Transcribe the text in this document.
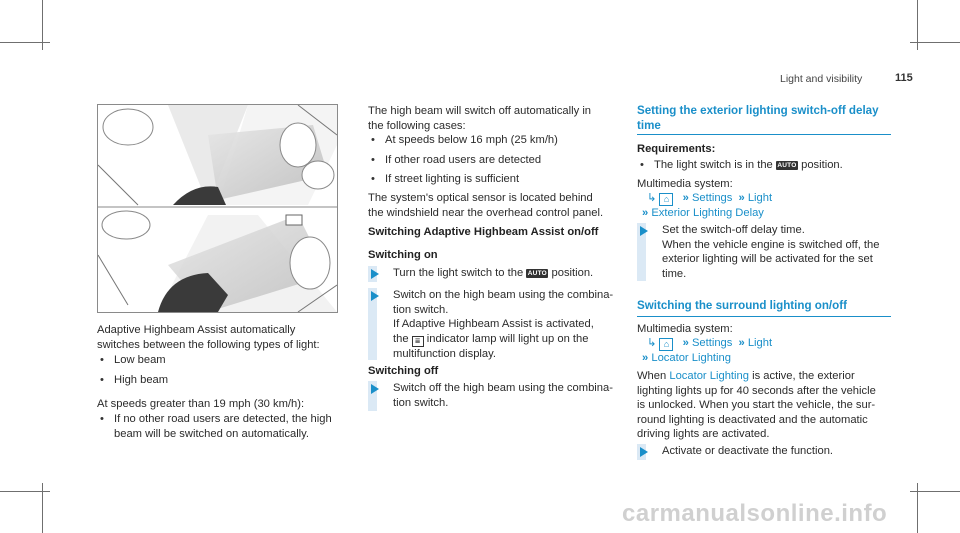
Light and visibility	115
Adaptive Highbeam Assist automatically
switches between the following types of light:
• Low beam
• High beam
At speeds greater than 19 mph (30 km/h):
• If no other road users are detected, the high
beam will be switched on automatically.
The high beam will switch off automatically in
the following cases:
• At speeds below 16 mph (25 km/h)
• If other road users are detected
• If street lighting is sufficient
The system's optical sensor is located behind
the windshield near the overhead control panel.
Switching Adaptive Highbeam Assist on/off
Switching on
Turn the light switch to the AUTO position.
Switch on the high beam using the combina-
tion switch.
If Adaptive Highbeam Assist is activated,
the ≣ indicator lamp will light up on the
multifunction display.
Switching off
Switch off the high beam using the combina-
tion switch.
Setting the exterior lighting switch-off delay
time
Requirements:
• The light switch is in the AUTO position.
Multimedia system:
↳ ⌂ » Settings » Light
» Exterior Lighting Delay
Set the switch-off delay time.
When the vehicle engine is switched off, the
exterior lighting will be activated for the set
time.
Switching the surround lighting on/off
Multimedia system:
↳ ⌂ » Settings » Light
» Locator Lighting
When Locator Lighting is active, the exterior
lighting lights up for 40 seconds after the vehicle
is unlocked. When you start the vehicle, the sur-
round lighting is deactivated and the automatic
driving lights are activated.
Activate or deactivate the function.
carmanualsonline.info
